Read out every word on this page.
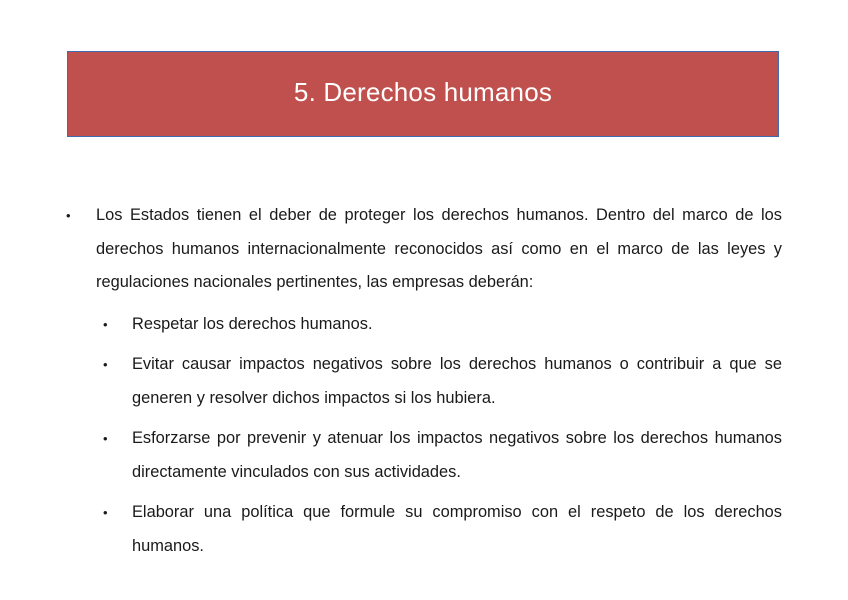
5. Derechos humanos
• Los Estados tienen el deber de proteger los derechos humanos. Dentro del marco de los derechos humanos internacionalmente reconocidos así como en el marco de las leyes y regulaciones nacionales pertinentes, las empresas deberán:
• Respetar los derechos humanos.
• Evitar causar impactos negativos sobre los derechos humanos o contribuir a que se generen y resolver dichos impactos si los hubiera.
• Esforzarse por prevenir y atenuar los impactos negativos sobre los derechos humanos directamente vinculados con sus actividades.
• Elaborar una política que formule su compromiso con el respeto de los derechos humanos.
